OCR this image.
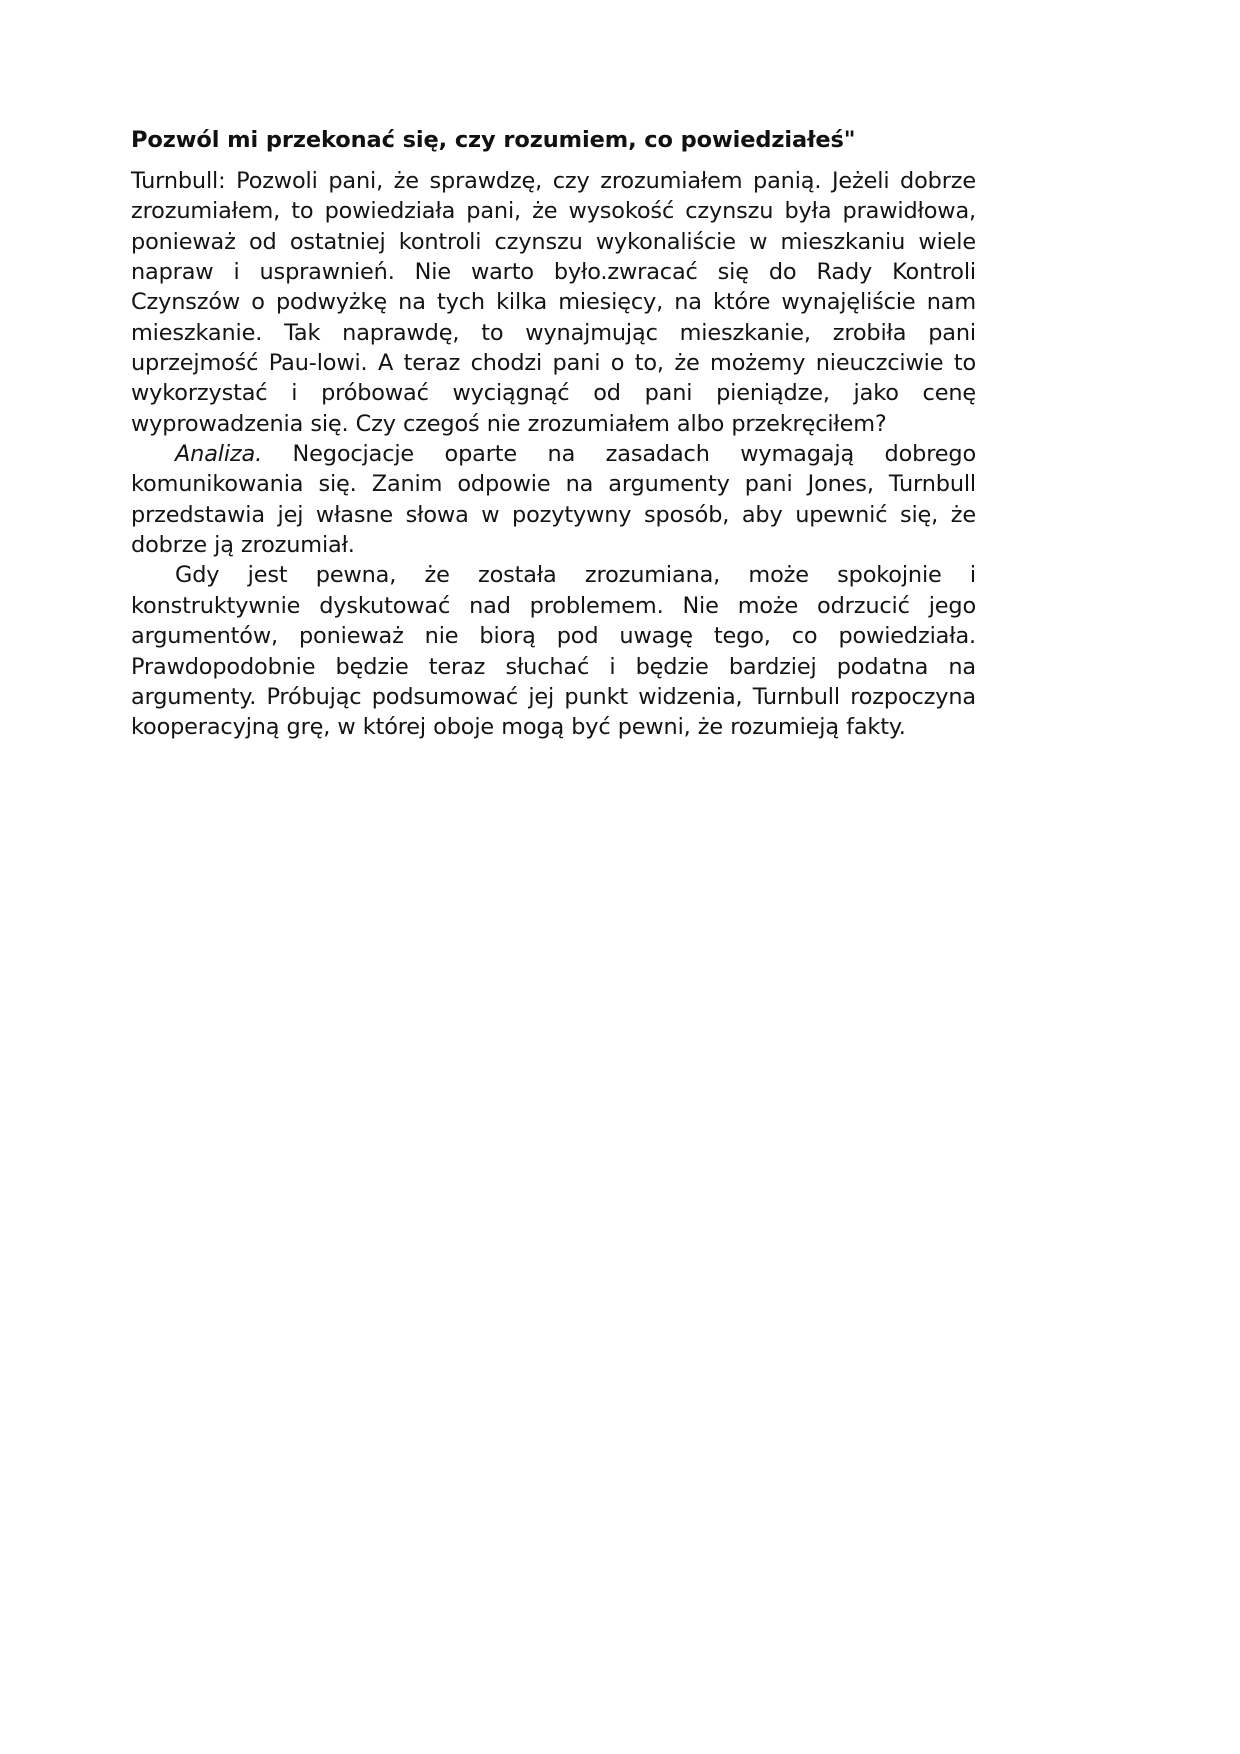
Pozwól mi przekonać się, czy rozumiem, co powiedziałeś"

Turnbull: Pozwoli pani, że sprawdzę, czy zrozumiałem panią. Jeżeli dobrze zrozumiałem, to powiedziała pani, że wysokość czynszu była prawidłowa, ponieważ od ostatniej kontroli czynszu wykonaliście w mieszkaniu wiele napraw i usprawnień. Nie warto było.zwracać się do Rady Kontroli Czynszów o podwyżkę na tych kilka miesięcy, na które wynajęliście nam mieszkanie. Tak naprawdę, to wynajmując mieszkanie, zrobiła pani uprzejmość Pau-lowi. A teraz chodzi pani o to, że możemy nieuczciwie to wykorzystać i próbować wyciągnąć od pani pieniądze, jako cenę wyprowadzenia się. Czy czegoś nie zrozumiałem albo przekręciłem?

Analiza. Negocjacje oparte na zasadach wymagają dobrego komunikowania się. Zanim odpowie na argumenty pani Jones, Turnbull przedstawia jej własne słowa w pozytywny sposób, aby upewnić się, że dobrze ją zrozumiał.

Gdy jest pewna, że została zrozumiana, może spokojnie i konstruktywnie dyskutować nad problemem. Nie może odrzucić jego argumentów, ponieważ nie biorą pod uwagę tego, co powiedziała. Prawdopodobnie będzie teraz słuchać i będzie bardziej podatna na argumenty. Próbując podsumować jej punkt widzenia, Turnbull rozpoczyna kooperacyjną grę, w której oboje mogą być pewni, że rozumieją fakty.
